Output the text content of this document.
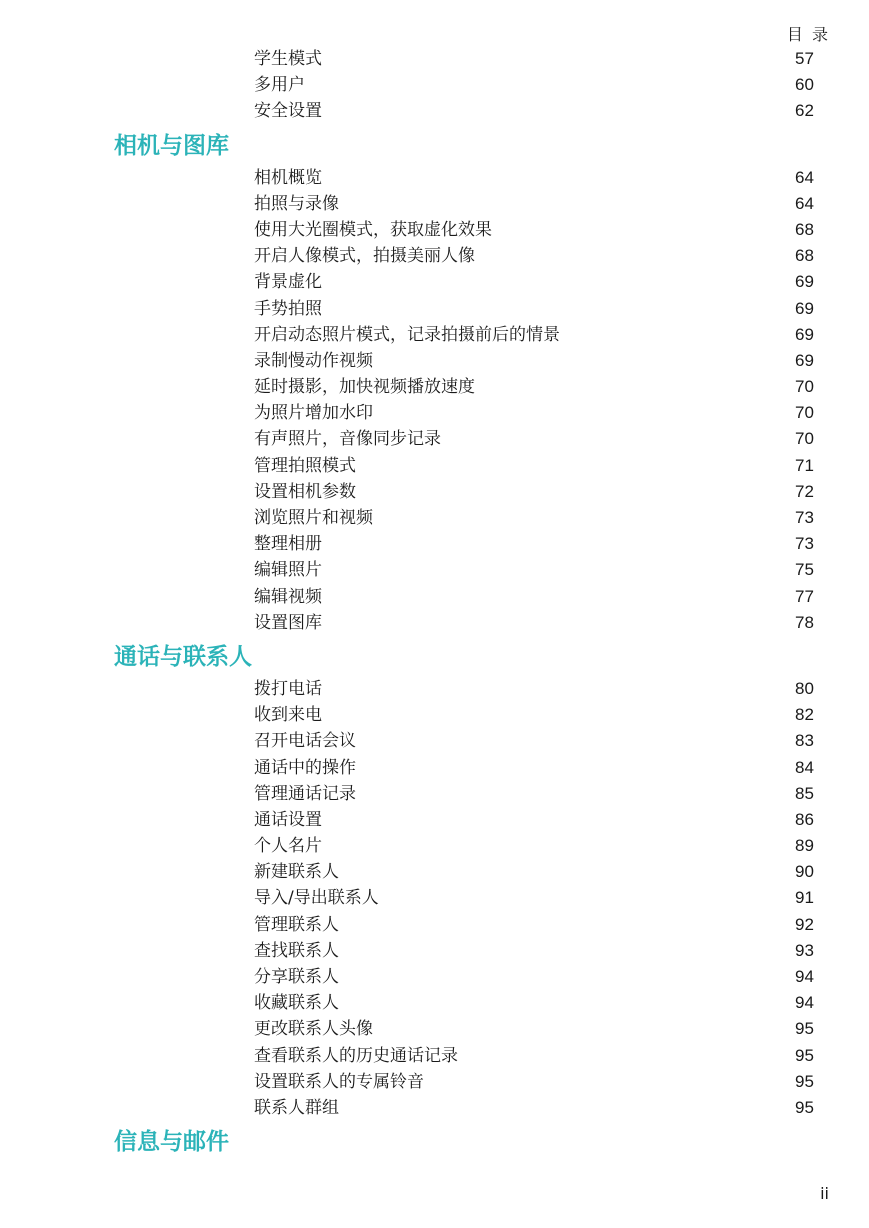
目 录
学生模式	57
多用户	60
安全设置	62
相机与图库
相机概览	64
拍照与录像	64
使用大光圈模式，获取虚化效果	68
开启人像模式，拍摄美丽人像	68
背景虚化	69
手势拍照	69
开启动态照片模式，记录拍摄前后的情景	69
录制慢动作视频	69
延时摄影，加快视频播放速度	70
为照片增加水印	70
有声照片，音像同步记录	70
管理拍照模式	71
设置相机参数	72
浏览照片和视频	73
整理相册	73
编辑照片	75
编辑视频	77
设置图库	78
通话与联系人
拨打电话	80
收到来电	82
召开电话会议	83
通话中的操作	84
管理通话记录	85
通话设置	86
个人名片	89
新建联系人	90
导入/导出联系人	91
管理联系人	92
查找联系人	93
分享联系人	94
收藏联系人	94
更改联系人头像	95
查看联系人的历史通话记录	95
设置联系人的专属铃音	95
联系人群组	95
信息与邮件
ii
